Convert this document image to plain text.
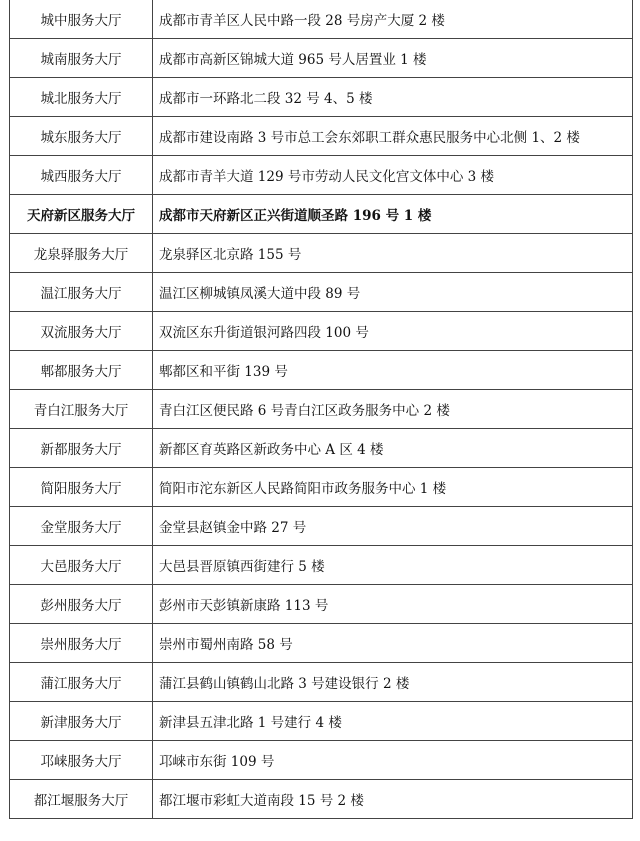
城中服务大厅	成都市青羊区人民中路一段 28 号房产大厦 2 楼
城南服务大厅	成都市高新区锦城大道 965 号人居置业 1 楼
城北服务大厅	成都市一环路北二段 32 号 4、5 楼
城东服务大厅	成都市建设南路 3 号市总工会东郊职工群众惠民服务中心北侧 1、2 楼
城西服务大厅	成都市青羊大道 129 号市劳动人民文化宫文体中心 3 楼
天府新区服务大厅	成都市天府新区正兴街道顺圣路 196 号 1 楼
龙泉驿服务大厅	龙泉驿区北京路 155 号
温江服务大厅	温江区柳城镇凤溪大道中段 89 号
双流服务大厅	双流区东升街道银河路四段 100 号
郫都服务大厅	郫都区和平街 139 号
青白江服务大厅	青白江区便民路 6 号青白江区政务服务中心 2 楼
新都服务大厅	新都区育英路区新政务中心 A 区 4 楼
简阳服务大厅	简阳市沱东新区人民路简阳市政务服务中心 1 楼
金堂服务大厅	金堂县赵镇金中路 27 号
大邑服务大厅	大邑县晋原镇西街建行 5 楼
彭州服务大厅	彭州市天彭镇新康路 113 号
崇州服务大厅	崇州市蜀州南路 58 号
蒲江服务大厅	蒲江县鹤山镇鹤山北路 3 号建设银行 2 楼
新津服务大厅	新津县五津北路 1 号建行 4 楼
邛崃服务大厅	邛崃市东街 109 号
都江堰服务大厅	都江堰市彩虹大道南段 15 号 2 楼
